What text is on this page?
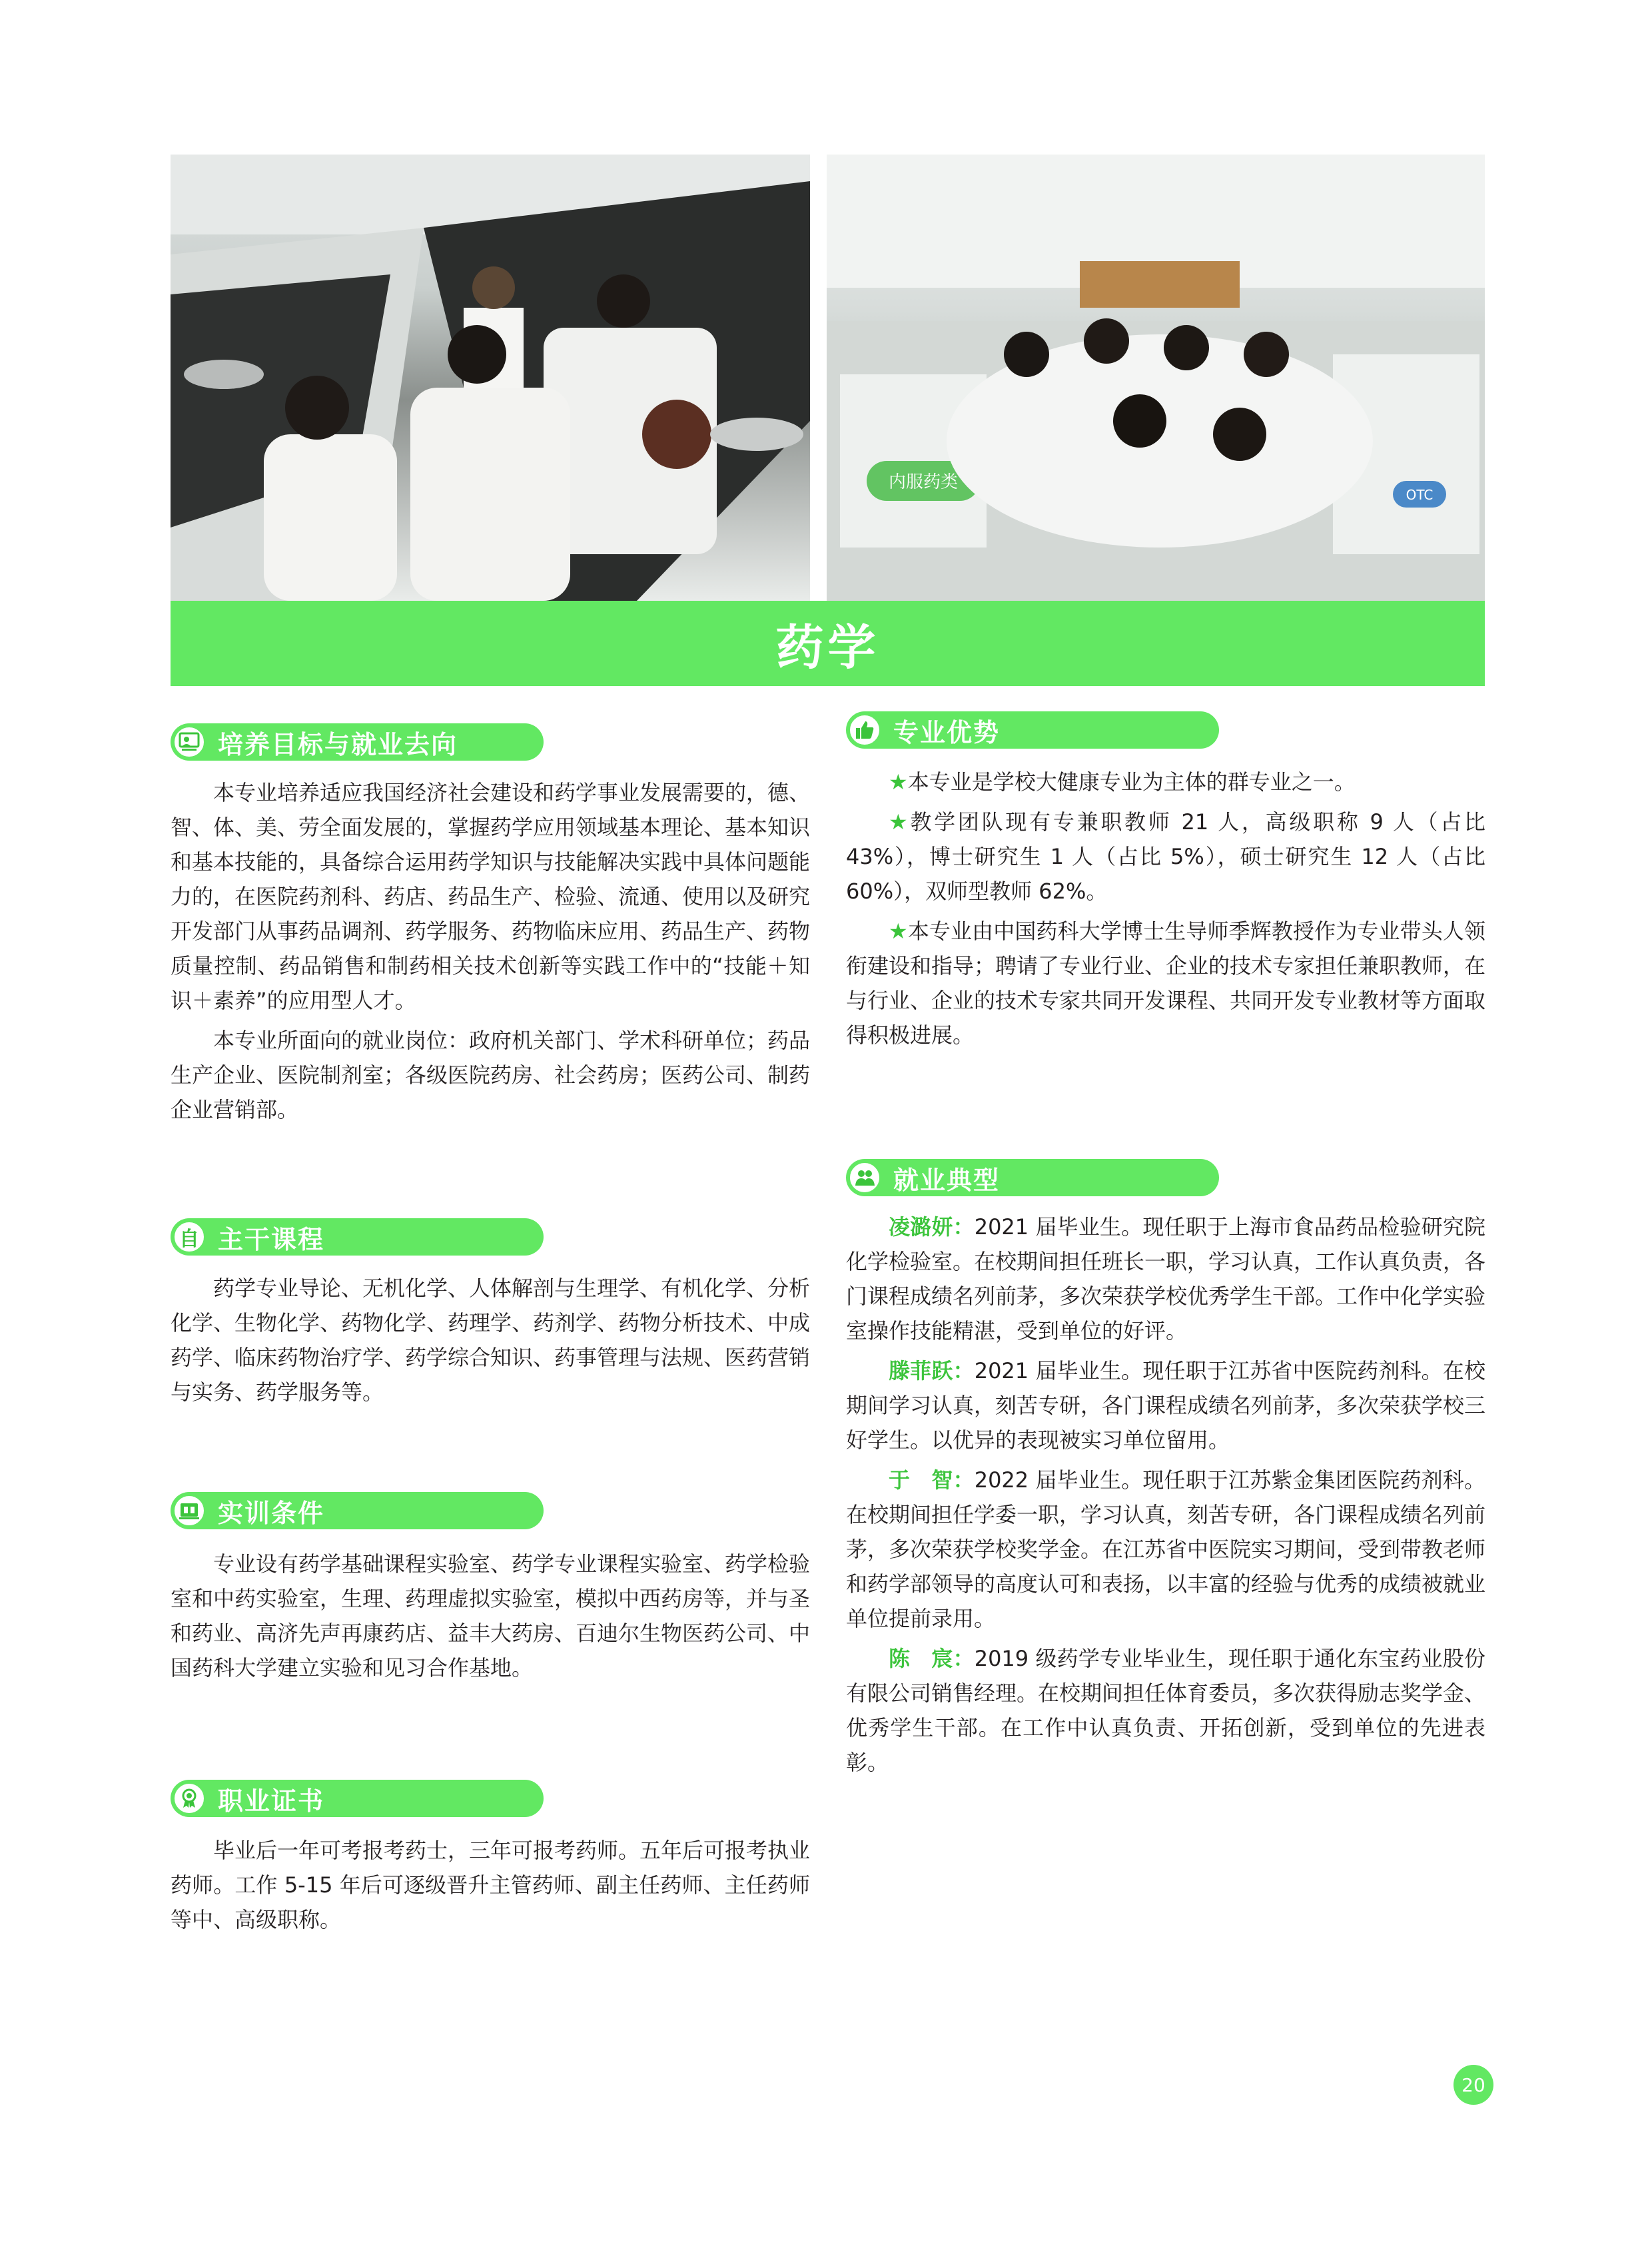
内服药类
OTC
药学
培养目标与就业去向

本专业培养适应我国经济社会建设和药学事业发展需要的，德、智、体、美、劳全面发展的，掌握药学应用领域基本理论、基本知识和基本技能的，具备综合运用药学知识与技能解决实践中具体问题能力的，在医院药剂科、药店、药品生产、检验、流通、使用以及研究开发部门从事药品调剂、药学服务、药物临床应用、药品生产、药物质量控制、药品销售和制药相关技术创新等实践工作中的“技能＋知识＋素养”的应用型人才。

本专业所面向的就业岗位：政府机关部门、学术科研单位；药品生产企业、医院制剂室；各级医院药房、社会药房；医药公司、制药企业营销部。

自 主干课程

药学专业导论、无机化学、人体解剖与生理学、有机化学、分析化学、生物化学、药物化学、药理学、药剂学、药物分析技术、中成药学、临床药物治疗学、药学综合知识、药事管理与法规、医药营销与实务、药学服务等。

实训条件

专业设有药学基础课程实验室、药学专业课程实验室、药学检验室和中药实验室，生理、药理虚拟实验室，模拟中西药房等，并与圣和药业、高济先声再康药店、益丰大药房、百迪尔生物医药公司、中国药科大学建立实验和见习合作基地。

职业证书

毕业后一年可考报考药士，三年可报考药师。五年后可报考执业药师。工作 5-15 年后可逐级晋升主管药师、副主任药师、主任药师等中、高级职称。

专业优势

★本专业是学校大健康专业为主体的群专业之一。

★教学团队现有专兼职教师 21 人，高级职称 9 人（占比 43%），博士研究生 1 人（占比 5%），硕士研究生 12 人（占比 60%），双师型教师 62%。

★本专业由中国药科大学博士生导师季辉教授作为专业带头人领衔建设和指导；聘请了专业行业、企业的技术专家担任兼职教师，在与行业、企业的技术专家共同开发课程、共同开发专业教材等方面取得积极进展。

就业典型

凌潞妍：2021 届毕业生。现任职于上海市食品药品检验研究院化学检验室。在校期间担任班长一职，学习认真，工作认真负责，各门课程成绩名列前茅，多次荣获学校优秀学生干部。工作中化学实验室操作技能精湛，受到单位的好评。

滕菲跃：2021 届毕业生。现任职于江苏省中医院药剂科。在校期间学习认真，刻苦专研，各门课程成绩名列前茅，多次荣获学校三好学生。以优异的表现被实习单位留用。

于　智：2022 届毕业生。现任职于江苏紫金集团医院药剂科。在校期间担任学委一职，学习认真，刻苦专研，各门课程成绩名列前茅，多次荣获学校奖学金。在江苏省中医院实习期间，受到带教老师和药学部领导的高度认可和表扬，以丰富的经验与优秀的成绩被就业单位提前录用。

陈　宸：2019 级药学专业毕业生，现任职于通化东宝药业股份有限公司销售经理。在校期间担任体育委员，多次获得励志奖学金、优秀学生干部。在工作中认真负责、开拓创新，受到单位的先进表彰。

20
